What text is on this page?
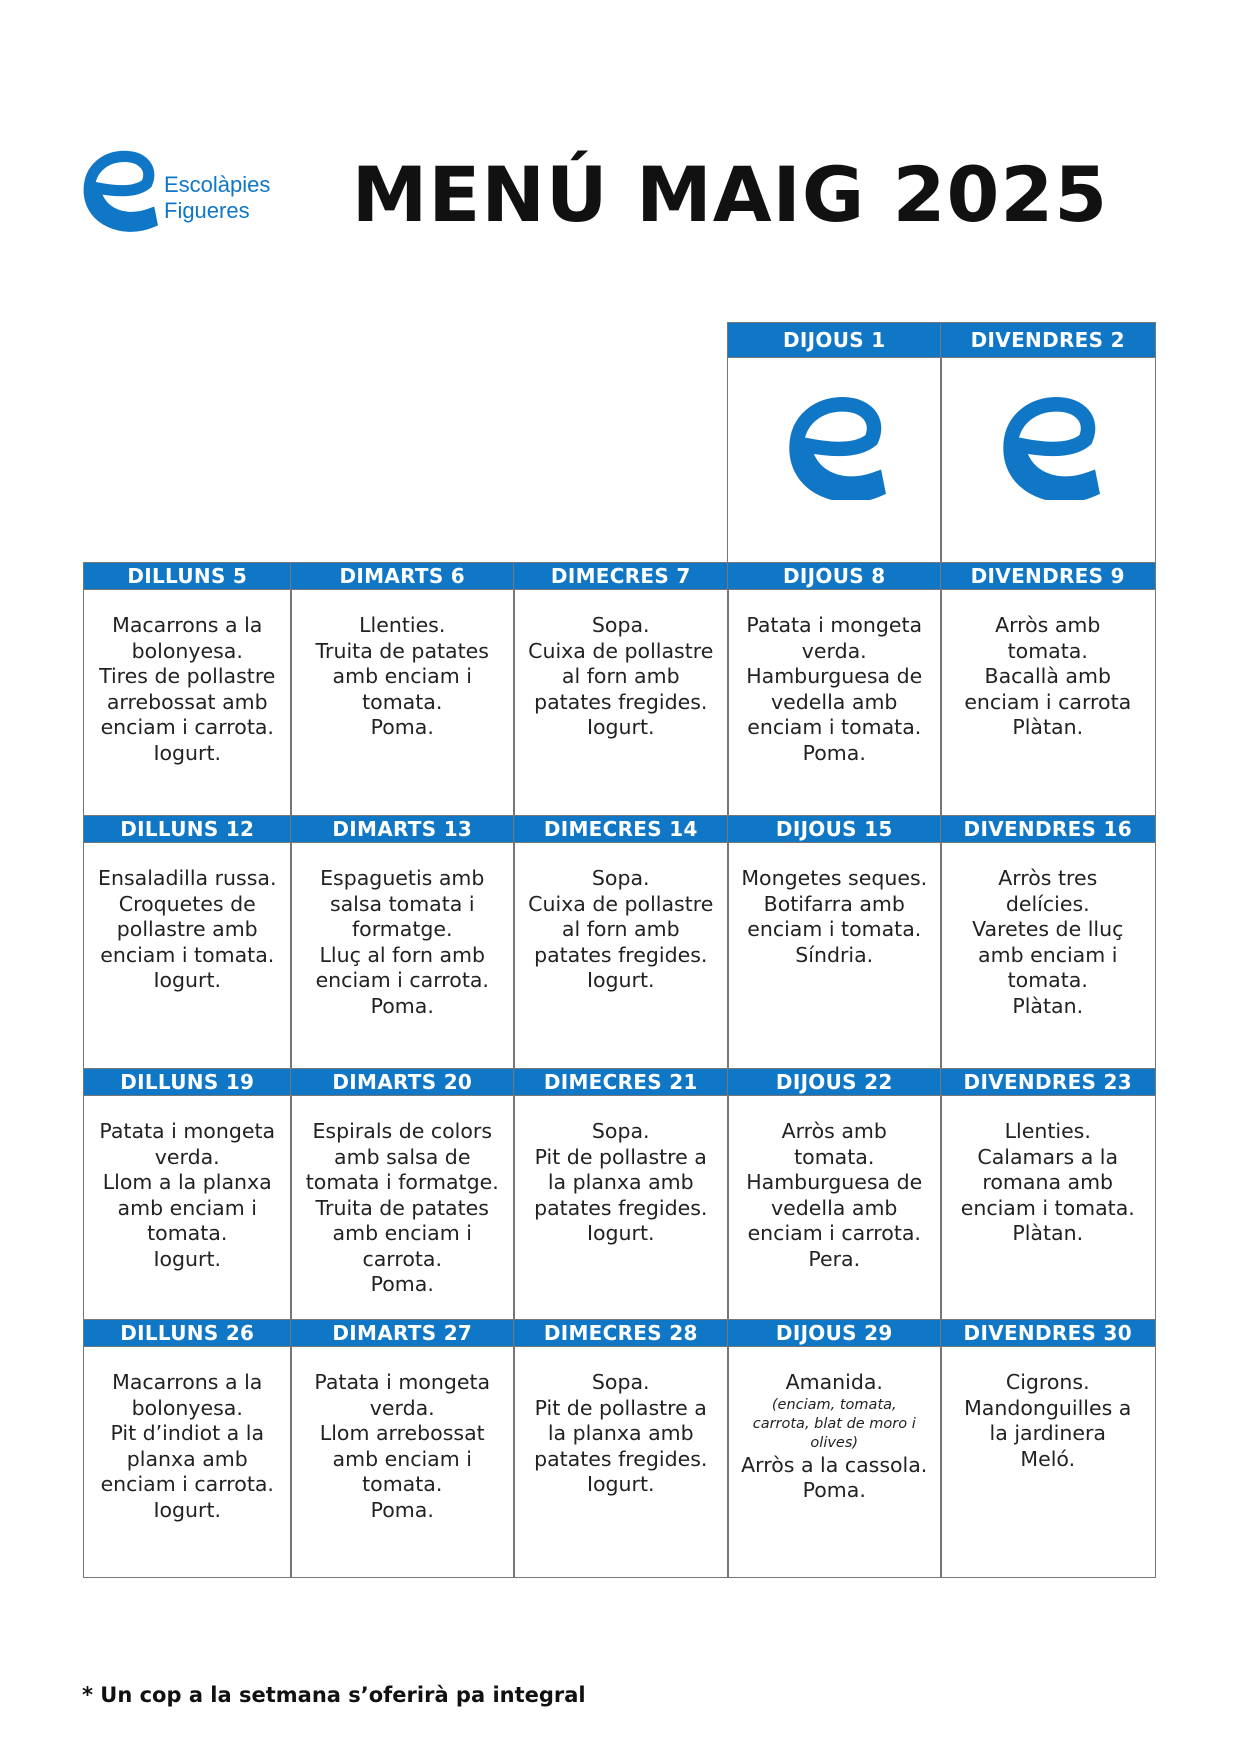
Escolàpies
Figueres MENÚ MAIG 2025
DIJOUS 1	DIVENDRES 2
DILLUNS 5
Macarrons a la
bolonyesa.
Tires de pollastre
arrebossat amb
enciam i carrota.
Iogurt.
DIMARTS 6
Llenties.
Truita de patates
amb enciam i
tomata.
Poma.
DIMECRES 7
Sopa.
Cuixa de pollastre
al forn amb
patates fregides.
Iogurt.
DIJOUS 8
Patata i mongeta
verda.
Hamburguesa de
vedella amb
enciam i tomata.
Poma.
DIVENDRES 9
Arròs amb
tomata.
Bacallà amb
enciam i carrota
Plàtan.
DILLUNS 12
Ensaladilla russa.
Croquetes de
pollastre amb
enciam i tomata.
Iogurt.
DIMARTS 13
Espaguetis amb
salsa tomata i
formatge.
Lluç al forn amb
enciam i carrota.
Poma.
DIMECRES 14
Sopa.
Cuixa de pollastre
al forn amb
patates fregides.
Iogurt.
DIJOUS 15
Mongetes seques.
Botifarra amb
enciam i tomata.
Síndria.
DIVENDRES 16
Arròs tres
delícies.
Varetes de lluç
amb enciam i
tomata.
Plàtan.
DILLUNS 19
Patata i mongeta
verda.
Llom a la planxa
amb enciam i
tomata.
Iogurt.
DIMARTS 20
Espirals de colors
amb salsa de
tomata i formatge.
Truita de patates
amb enciam i
carrota.
Poma.
DIMECRES 21
Sopa.
Pit de pollastre a
la planxa amb
patates fregides.
Iogurt.
DIJOUS 22
Arròs amb
tomata.
Hamburguesa de
vedella amb
enciam i carrota.
Pera.
DIVENDRES 23
Llenties.
Calamars a la
romana amb
enciam i tomata.
Plàtan.
DILLUNS 26
Macarrons a la
bolonyesa.
Pit d’indiot a la
planxa amb
enciam i carrota.
Iogurt.
DIMARTS 27
Patata i mongeta
verda.
Llom arrebossat
amb enciam i
tomata.
Poma.
DIMECRES 28
Sopa.
Pit de pollastre a
la planxa amb
patates fregides.
Iogurt.
DIJOUS 29
Amanida.
(enciam, tomata,
carrota, blat de moro i
olives)
Arròs a la cassola.
Poma.
DIVENDRES 30
Cigrons.
Mandonguilles a
la jardinera
Meló.
* Un cop a la setmana s’oferirà pa integral
